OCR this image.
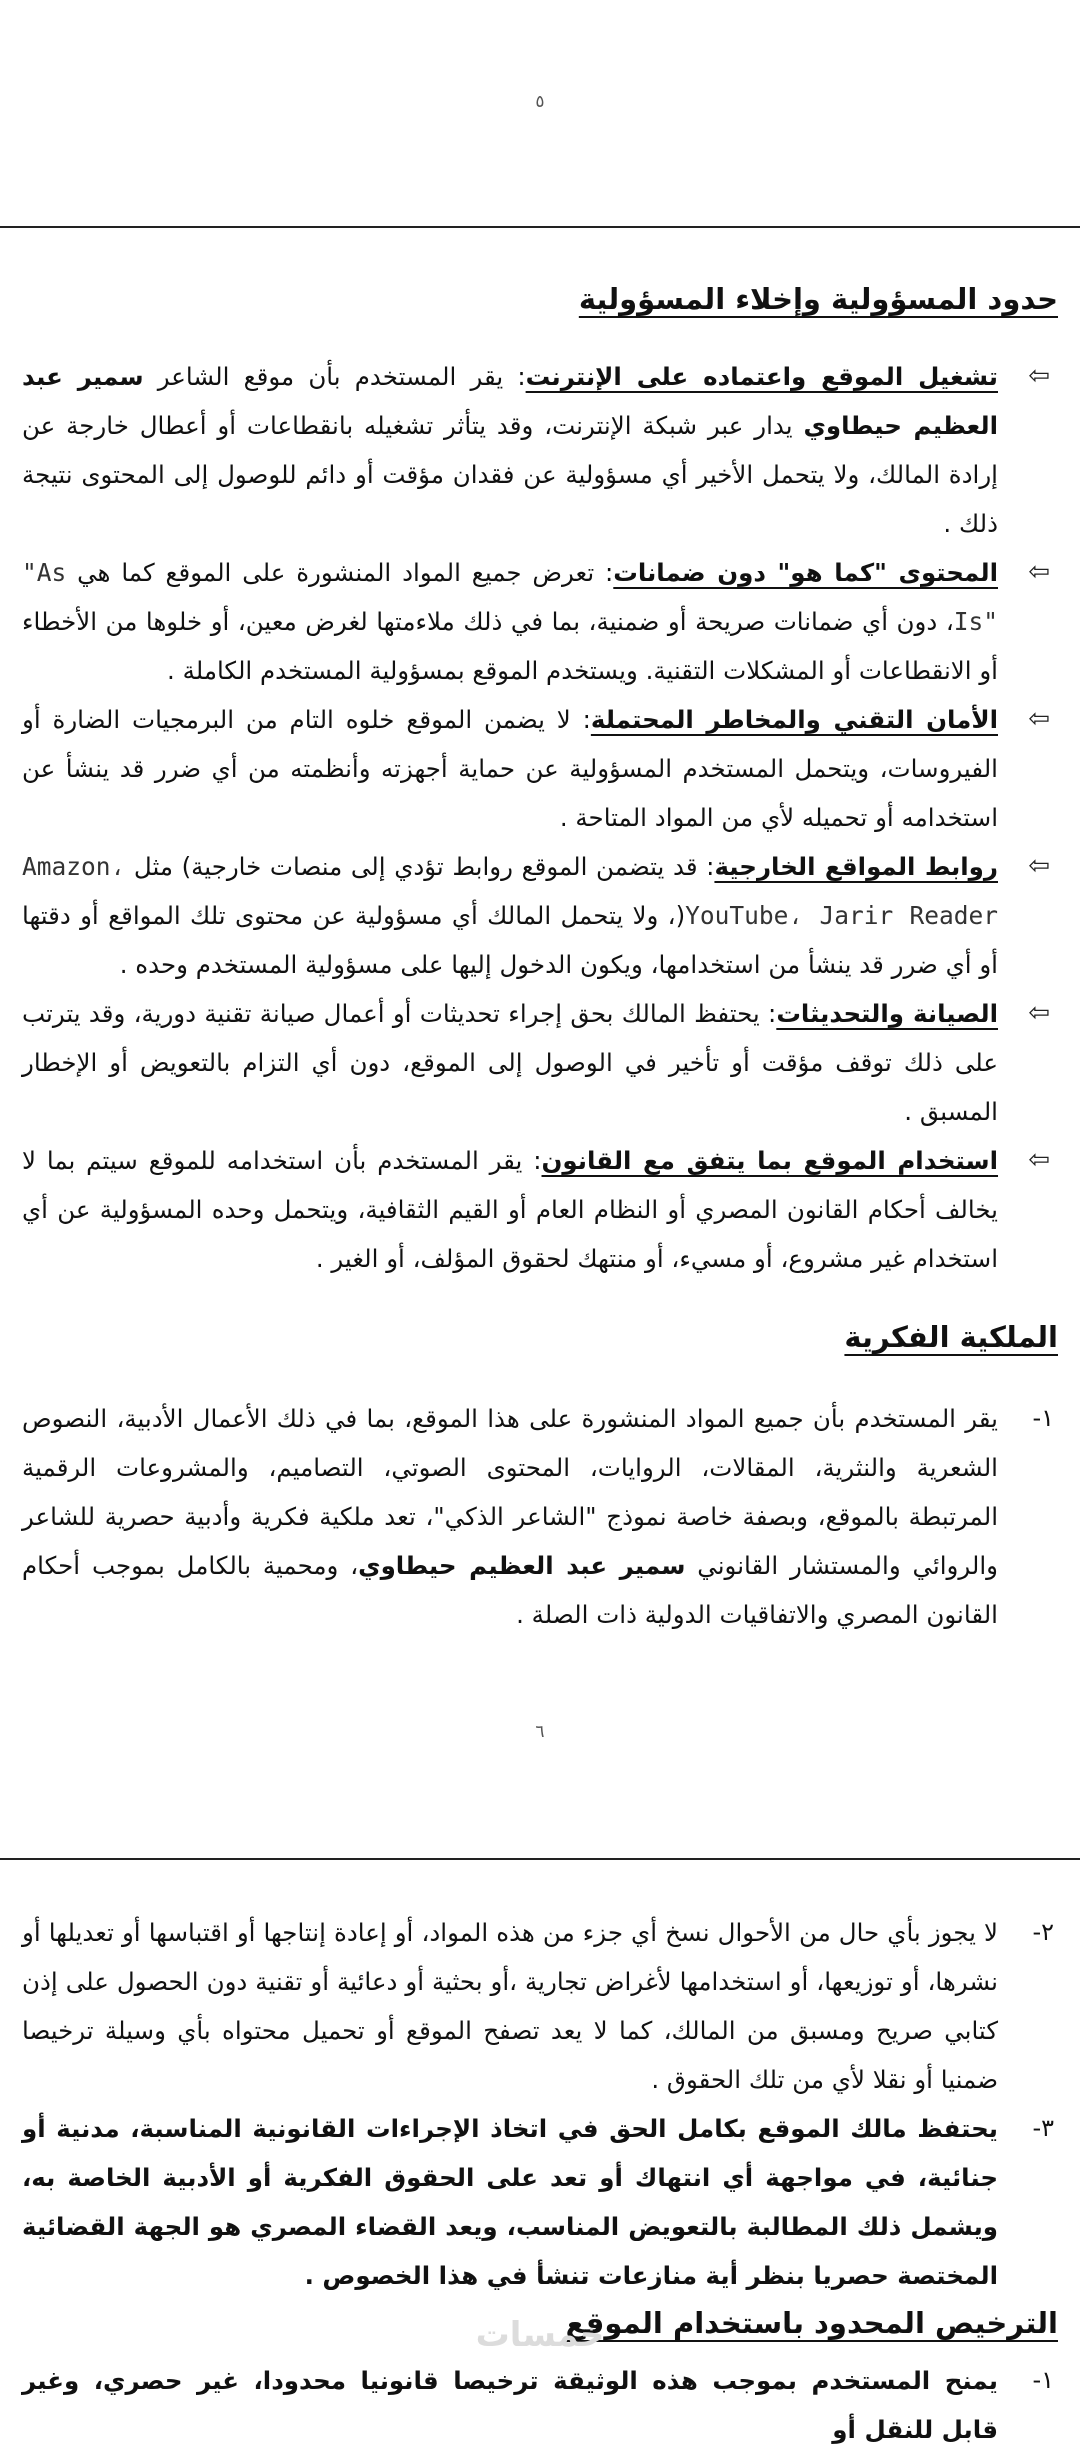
٥
حدود المسؤولية وإخلاء المسؤولية
⇦
تشغيل الموقع واعتماده على الإنترنت: يقر المستخدم بأن موقع الشاعر سمير عبد العظيم حيطاوي يدار عبر شبكة الإنترنت، وقد يتأثر تشغيله بانقطاعات أو أعطال خارجة عن إرادة المالك، ولا يتحمل الأخير أي مسؤولية عن فقدان مؤقت أو دائم للوصول إلى المحتوى نتيجة ذلك .
⇦
المحتوى "كما هو" دون ضمانات: تعرض جميع المواد المنشورة على الموقع كما هي "As Is"، دون أي ضمانات صريحة أو ضمنية، بما في ذلك ملاءمتها لغرض معين، أو خلوها من الأخطاء أو الانقطاعات أو المشكلات التقنية. ويستخدم الموقع بمسؤولية المستخدم الكاملة .
⇦
الأمان التقني والمخاطر المحتملة: لا يضمن الموقع خلوه التام من البرمجيات الضارة أو الفيروسات، ويتحمل المستخدم المسؤولية عن حماية أجهزته وأنظمته من أي ضرر قد ينشأ عن استخدامه أو تحميله لأي من المواد المتاحة .
⇦
روابط المواقع الخارجية: قد يتضمن الموقع روابط تؤدي إلى منصات خارجية) مثل Amazon، YouTube، Jarir Reader(، ولا يتحمل المالك أي مسؤولية عن محتوى تلك المواقع أو دقتها أو أي ضرر قد ينشأ من استخدامها، ويكون الدخول إليها على مسؤولية المستخدم وحده .
⇦
الصيانة والتحديثات: يحتفظ المالك بحق إجراء تحديثات أو أعمال صيانة تقنية دورية، وقد يترتب على ذلك توقف مؤقت أو تأخير في الوصول إلى الموقع، دون أي التزام بالتعويض أو الإخطار المسبق .
⇦
استخدام الموقع بما يتفق مع القانون: يقر المستخدم بأن استخدامه للموقع سيتم بما لا يخالف أحكام القانون المصري أو النظام العام أو القيم الثقافية، ويتحمل وحده المسؤولية عن أي استخدام غير مشروع، أو مسيء، أو منتهك لحقوق المؤلف، أو الغير .
الملكية الفكرية
١-
يقر المستخدم بأن جميع المواد المنشورة على هذا الموقع، بما في ذلك الأعمال الأدبية، النصوص الشعرية والنثرية، المقالات، الروايات، المحتوى الصوتي، التصاميم، والمشروعات الرقمية المرتبطة بالموقع، وبصفة خاصة نموذج "الشاعر الذكي"، تعد ملكية فكرية وأدبية حصرية للشاعر والروائي والمستشار القانوني سمير عبد العظيم حيطاوي، ومحمية بالكامل بموجب أحكام القانون المصري والاتفاقيات الدولية ذات الصلة .
٦
٢-
لا يجوز بأي حال من الأحوال نسخ أي جزء من هذه المواد، أو إعادة إنتاجها أو اقتباسها أو تعديلها أو نشرها، أو توزيعها، أو استخدامها لأغراض تجارية ،أو بحثية أو دعائية أو تقنية دون الحصول على إذن كتابي صريح ومسبق من المالك، كما لا يعد تصفح الموقع أو تحميل محتواه بأي وسيلة ترخيصا ضمنيا أو نقلا لأي من تلك الحقوق .
٣-
يحتفظ مالك الموقع بكامل الحق في اتخاذ الإجراءات القانونية المناسبة، مدنية أو جنائية، في مواجهة أي انتهاك أو تعد على الحقوق الفكرية أو الأدبية الخاصة به، ويشمل ذلك المطالبة بالتعويض المناسب، ويعد القضاء المصري هو الجهة القضائية المختصة حصريا بنظر أية منازعات تنشأ في هذا الخصوص .
الترخيص المحدود باستخدام الموقع
١-
يمنح المستخدم بموجب هذه الوثيقة ترخيصا قانونيا محدودا، غير حصري، وغير قابل للنقل أو
خمسات
